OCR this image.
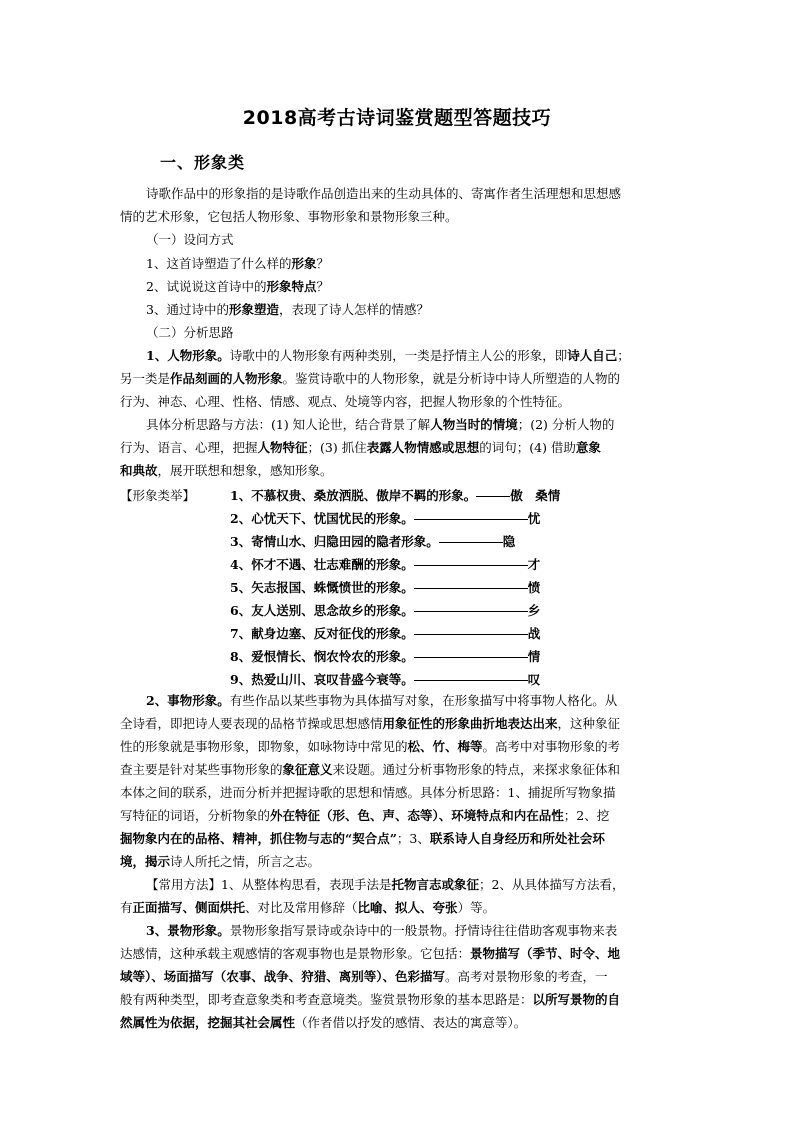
2018高考古诗词鉴赏题型答题技巧
一、形象类
诗歌作品中的形象指的是诗歌作品创造出来的生动具体的、寄寓作者生活理想和思想感
情的艺术形象，它包括人物形象、事物形象和景物形象三种。
（一）设问方式
1、这首诗塑造了什么样的形象？
2、试说说这首诗中的形象特点？
3、通过诗中的形象塑造，表现了诗人怎样的情感？
（二）分析思路
1、人物形象。诗歌中的人物形象有两种类别，一类是抒情主人公的形象，即诗人自己；
另一类是作品刻画的人物形象。鉴赏诗歌中的人物形象，就是分析诗中诗人所塑造的人物的
行为、神态、心理、性格、情感、观点、处境等内容，把握人物形象的个性特征。
具体分析思路与方法：(1) 知人论世，结合背景了解人物当时的情境；(2) 分析人物的
行为、语言、心理，把握人物特征；(3) 抓住表露人物情感或思想的词句；(4) 借助意象
和典故，展开联想和想象，感知形象。
【形象类举】	1、不慕权贵、桑放洒脱、傲岸不羁的形象。	傲　桑情
2、心忧天下、忧国忧民的形象。	忧
3、寄情山水、归隐田园的隐者形象。	隐
4、怀才不遇、壮志难酬的形象。	才
5、矢志报国、蛛慨愤世的形象。	愤
6、友人送别、思念故乡的形象。	乡
7、献身边塞、反对征伐的形象。	战
8、爱恨情长、悯农怜农的形象。	情
9、热爱山川、哀叹昔盛今衰等。	叹
2、事物形象。有些作品以某些事物为具体描写对象，在形象描写中将事物人格化。从
全诗看，即把诗人要表现的品格节操或思想感情用象征性的形象曲折地表达出来，这种象征
性的形象就是事物形象，即物象，如咏物诗中常见的松、竹、梅等。高考中对事物形象的考
查主要是针对某些事物形象的象征意义来设题。通过分析事物形象的特点，来探求象征体和
本体之间的联系，进而分析并把握诗歌的思想和情感。具体分析思路：1、捕捉所写物象描
写特征的词语，分析物象的外在特征（形、色、声、态等）、环境特点和内在品性；2、挖
掘物象内在的品格、精神，抓住物与志的“契合点”；3、联系诗人自身经历和所处社会环
境，揭示诗人所托之情，所言之志。
【常用方法】1、从整体构思看，表现手法是托物言志或象征；2、从具体描写方法看，
有正面描写、侧面烘托、对比及常用修辞（比喻、拟人、夸张）等。
3、景物形象。景物形象指写景诗或杂诗中的一般景物。抒情诗往往借助客观事物来表
达感情，这种承载主观感情的客观事物也是景物形象。它包括：景物描写（季节、时令、地
域等）、场面描写（农事、战争、狩猎、离别等）、色彩描写。高考对景物形象的考查，一
般有两种类型，即考查意象类和考查意境类。鉴赏景物形象的基本思路是：以所写景物的自
然属性为依据，挖掘其社会属性（作者借以抒发的感情、表达的寓意等）。
